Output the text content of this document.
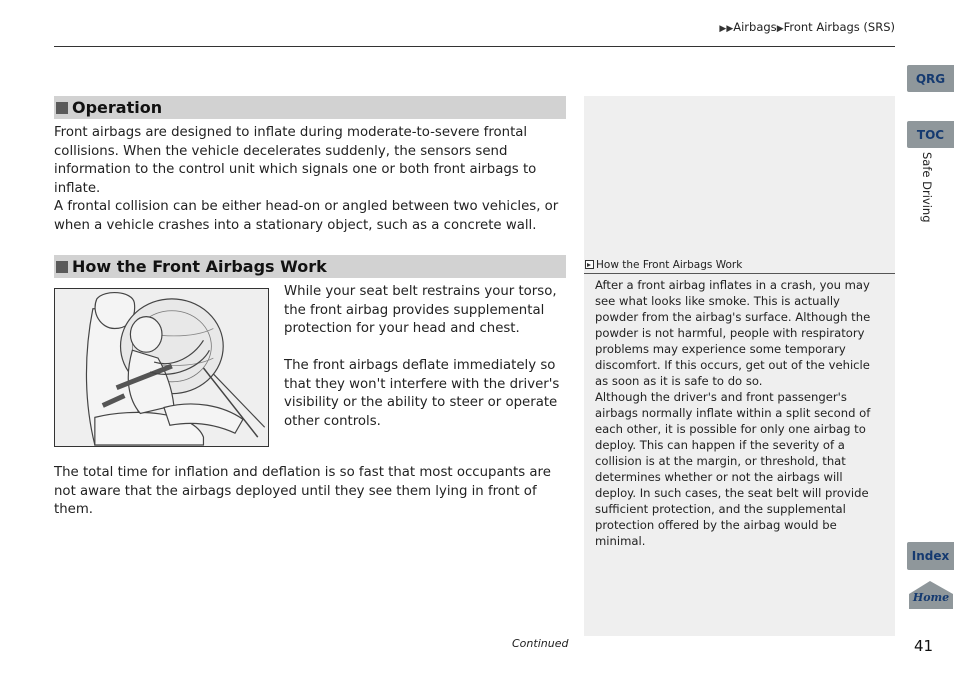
▶▶Airbags▶Front Airbags (SRS)
Operation
Front airbags are designed to inflate during moderate-to-severe frontal collisions. When the vehicle decelerates suddenly, the sensors send information to the control unit which signals one or both front airbags to inflate.
A frontal collision can be either head-on or angled between two vehicles, or when a vehicle crashes into a stationary object, such as a concrete wall.
How the Front Airbags Work
While your seat belt restrains your torso, the front airbag provides supplemental protection for your head and chest.
The front airbags deflate immediately so that they won't interfere with the driver's visibility or the ability to steer or operate other controls.
The total time for inflation and deflation is so fast that most occupants are not aware that the airbags deployed until they see them lying in front of them.
How the Front Airbags Work
After a front airbag inflates in a crash, you may see what looks like smoke. This is actually powder from the airbag's surface. Although the powder is not harmful, people with respiratory problems may experience some temporary discomfort. If this occurs, get out of the vehicle as soon as it is safe to do so.
Although the driver's and front passenger's airbags normally inflate within a split second of each other, it is possible for only one airbag to deploy. This can happen if the severity of a collision is at the margin, or threshold, that determines whether or not the airbags will deploy. In such cases, the seat belt will provide sufficient protection, and the supplemental protection offered by the airbag would be minimal.
Continued	41
QRG
TOC
Safe Driving
Index
Home
